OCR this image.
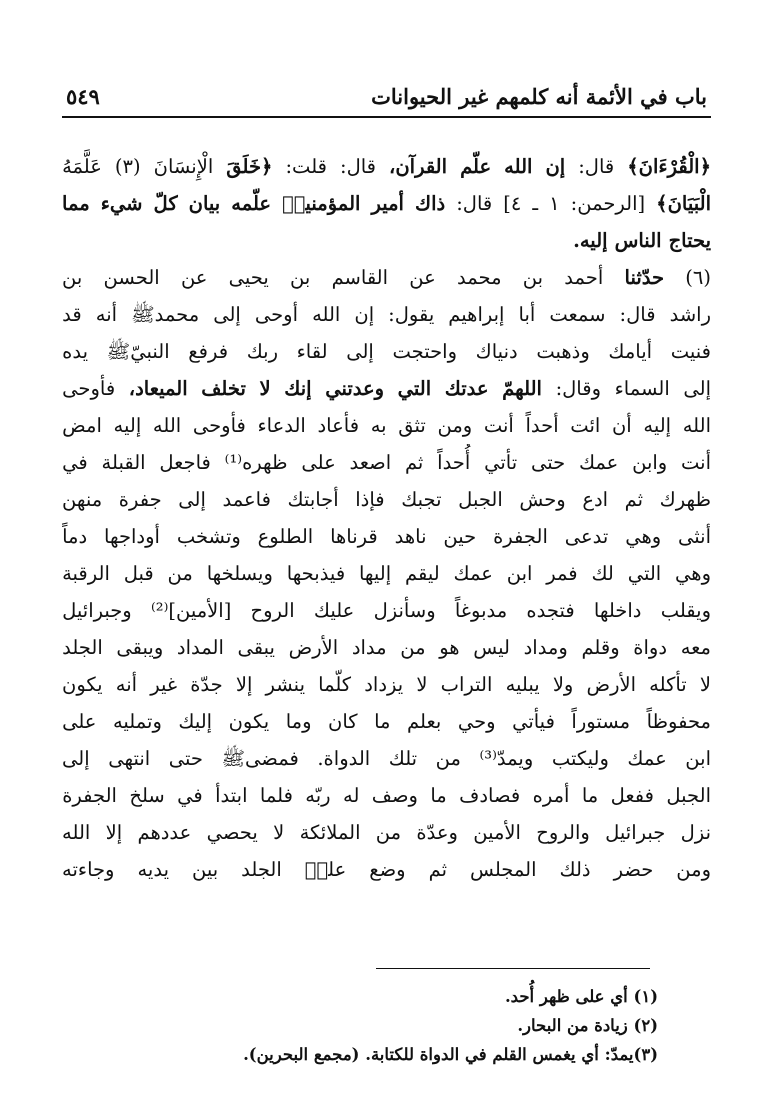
باب في الأئمة أنه كلمهم غير الحيوانات
٥٤٩
﴿الْقُرْءَانَ﴾
قال:
إن
الله
علّم
القرآن،
قال:
قلت:
﴿خَلَقَ
الْإِنسَانَ
(٣)
عَلَّمَهُ
الْبَيَانَ﴾
[الرحمن:
١
ـ
٤]
قال:
ذاك
أمير
المؤمنينؑ
علّمه
بيان
كلّ
شيء
مما
يحتاج
الناس
إليه.
(٦)
حدّثنا
أحمد
بن
محمد
عن
القاسم
بن
يحيى
عن
الحسن
بن
راشد
قال:
سمعت
أبا
إبراهيم
يقول:
إن
الله
أوحى
إلى
محمدﷺ
أنه
قد
فنيت
أيامك
وذهبت
دنياك
واحتجت
إلى
لقاء
ربك
فرفع
النبيّﷺ
يده
إلى
السماء
وقال:
اللهمّ
عدتك
التي
وعدتني
إنك
لا
تخلف
الميعاد،
فأوحى
الله
إليه
أن
ائت
أحداً
أنت
ومن
تثق
به
فأعاد
الدعاء
فأوحى
الله
إليه
امض
أنت
وابن
عمك
حتى
تأتي
أُحداً
ثم
اصعد
على
ظهره⁽¹⁾
فاجعل
القبلة
في
ظهرك
ثم
ادع
وحش
الجبل
تجبك
فإذا
أجابتك
فاعمد
إلى
جفرة
منهن
أنثى
وهي
تدعى
الجفرة
حين
ناهد
قرناها
الطلوع
وتشخب
أوداجها
دماً
وهي
التي
لك
فمر
ابن
عمك
ليقم
إليها
فيذبحها
ويسلخها
من
قبل
الرقبة
ويقلب
داخلها
فتجده
مدبوغاً
وسأنزل
عليك
الروح
[الأمين]⁽²⁾
وجبرائيل
معه
دواة
وقلم
ومداد
ليس
هو
من
مداد
الأرض
يبقى
المداد
ويبقى
الجلد
لا
تأكله
الأرض
ولا
يبليه
التراب
لا
يزداد
كلّما
ينشر
إلا
جدّة
غير
أنه
يكون
محفوظاً
مستوراً
فيأتي
وحي
بعلم
ما
كان
وما
يكون
إليك
وتمليه
على
ابن
عمك
وليكتب
ويمدّ⁽³⁾
من
تلك
الدواة.
فمضىﷺ
حتى
انتهى
إلى
الجبل
ففعل
ما
أمره
فصادف
ما
وصف
له
ربّه
فلما
ابتدأ
في
سلخ
الجفرة
نزل
جبرائيل
والروح
الأمين
وعدّة
من
الملائكة
لا
يحصي
عددهم
إلا
الله
ومن
حضر
ذلك
المجلس
ثم
وضع
عليؑ
الجلد
بين
يديه
وجاءته
(١) أي على ظهر أُحد.
(٢) زيادة من البحار.
(٣)يمدّ: أي يغمس القلم في الدواة للكتابة. (مجمع البحرين).
